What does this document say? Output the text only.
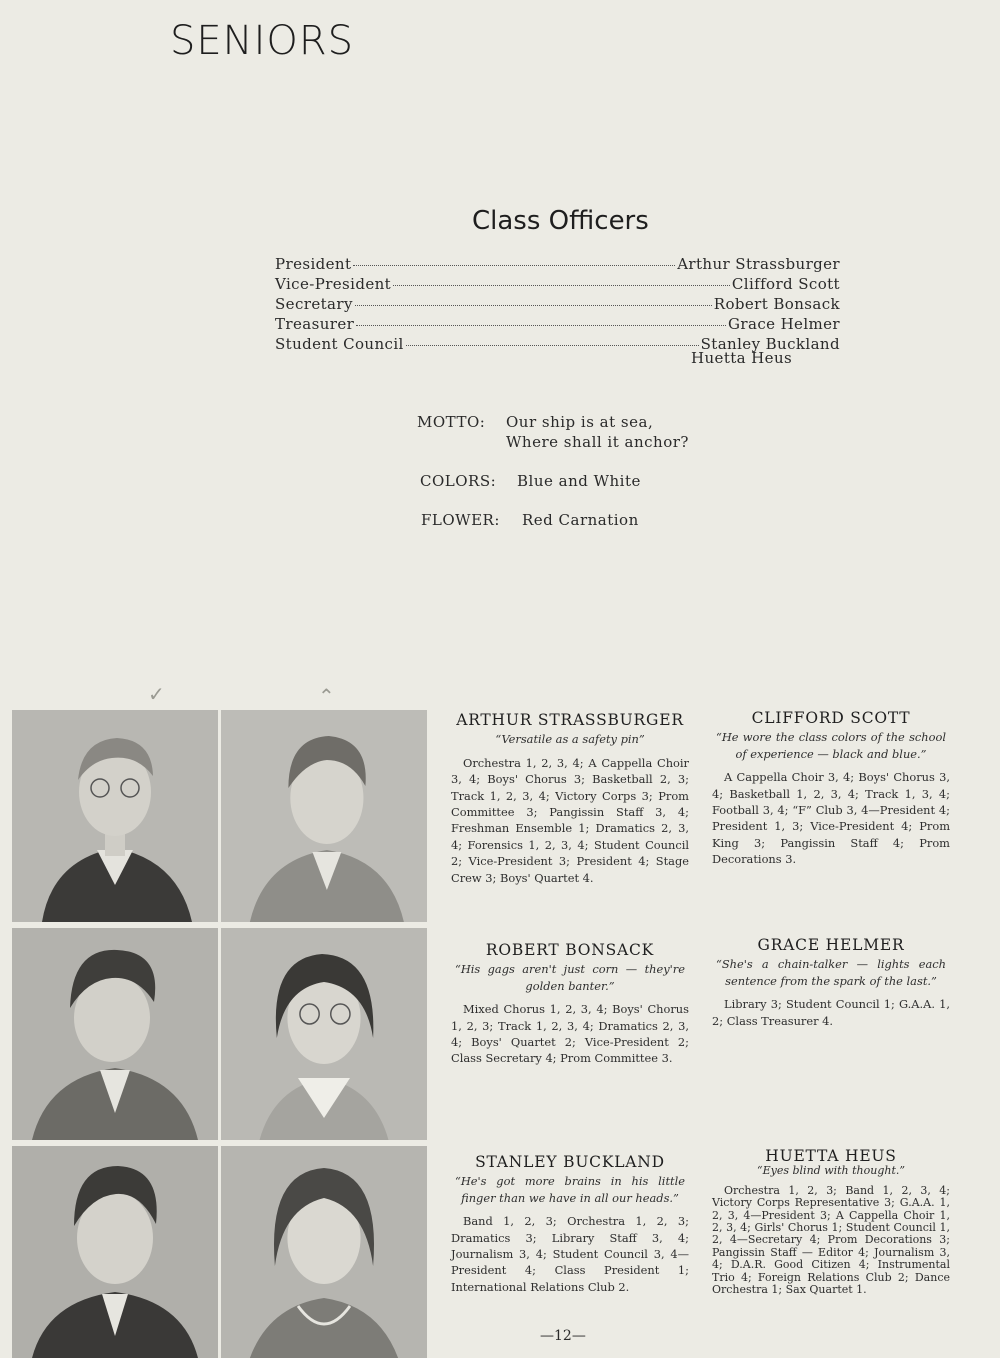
SENIORS
Class Officers
President	Arthur Strassburger
Vice-President	Clifford Scott
Secretary	Robert Bonsack
Treasurer	Grace Helmer
Student Council	Stanley Buckland
Huetta Heus
MOTTO: Our ship is at sea,
Where shall it anchor?
COLORS: Blue and White
FLOWER: Red Carnation
✓	⌃
ARTHUR STRASSBURGER

“Versatile as a safety pin”

Orchestra 1, 2, 3, 4; A Cappella Choir 3, 4; Boys' Chorus 3; Basketball 2, 3; Track 1, 2, 3, 4; Victory Corps 3; Prom Committee 3; Pangissin Staff 3, 4; Freshman Ensemble 1; Dramatics 2, 3, 4; Forensics 1, 2, 3, 4; Student Council 2; Vice-President 3; President 4; Stage Crew 3; Boys' Quartet 4.

CLIFFORD SCOTT

“He wore the class colors of the school of experience — black and blue.”

A Cappella Choir 3, 4; Boys' Chorus 3, 4; Basketball 1, 2, 3, 4; Track 1, 3, 4; Football 3, 4; “F” Club 3, 4—President 4; President 1, 3; Vice-President 4; Prom King 3; Pangissin Staff 4; Prom Decorations 3.

ROBERT BONSACK

“His gags aren't just corn — they're golden banter.”

Mixed Chorus 1, 2, 3, 4; Boys' Chorus 1, 2, 3; Track 1, 2, 3, 4; Dramatics 2, 3, 4; Boys' Quartet 2; Vice-President 2; Class Secretary 4; Prom Committee 3.

GRACE HELMER

“She's a chain-talker — lights each sentence from the spark of the last.”

Library 3; Student Council 1; G.A.A. 1, 2; Class Treasurer 4.

STANLEY BUCKLAND

“He's got more brains in his little finger than we have in all our heads.”

Band 1, 2, 3; Orchestra 1, 2, 3; Dramatics 3; Library Staff 3, 4; Journalism 3, 4; Student Council 3, 4—President 4; Class President 1; International Relations Club 2.

HUETTA HEUS

“Eyes blind with thought.”

Orchestra 1, 2, 3; Band 1, 2, 3, 4; Victory Corps Representative 3; G.A.A. 1, 2, 3, 4—President 3; A Cappella Choir 1, 2, 3, 4; Girls' Chorus 1; Student Council 1, 2, 4—Secretary 4; Prom Decorations 3; Pangissin Staff — Editor 4; Journalism 3, 4; D.A.R. Good Citizen 4; Instrumental Trio 4; Foreign Relations Club 2; Dance Orchestra 1; Sax Quartet 1.

—12—
